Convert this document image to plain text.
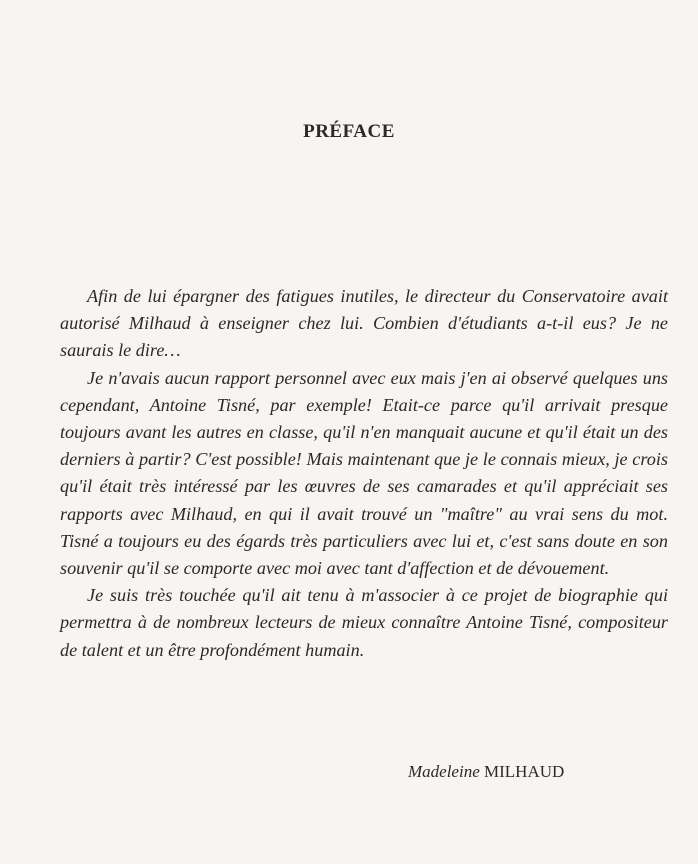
PRÉFACE

Afin de lui épargner des fatigues inutiles, le directeur du Conservatoire avait autorisé Milhaud à enseigner chez lui. Combien d'étudiants a-t-il eus? Je ne saurais le dire…

Je n'avais aucun rapport personnel avec eux mais j'en ai observé quelques uns cependant, Antoine Tisné, par exemple! Etait-ce parce qu'il arrivait presque toujours avant les autres en classe, qu'il n'en manquait aucune et qu'il était un des derniers à partir? C'est possible! Mais maintenant que je le connais mieux, je crois qu'il était très intéressé par les œuvres de ses camarades et qu'il appréciait ses rapports avec Milhaud, en qui il avait trouvé un "maître" au vrai sens du mot. Tisné a toujours eu des égards très particuliers avec lui et, c'est sans doute en son souvenir qu'il se comporte avec moi avec tant d'affection et de dévouement.

Je suis très touchée qu'il ait tenu à m'associer à ce projet de biographie qui permettra à de nombreux lecteurs de mieux connaître Antoine Tisné, compositeur de talent et un être profondément humain.

Madeleine MILHAUD
